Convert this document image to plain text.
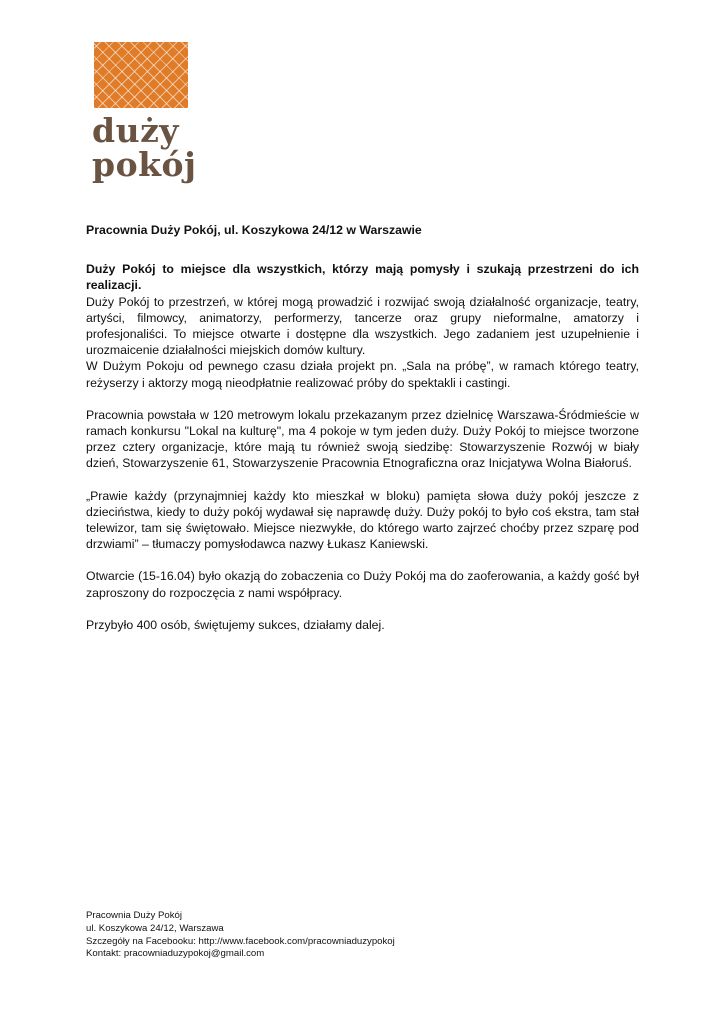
duży
pokój

Pracownia Duży Pokój, ul. Koszykowa 24/12 w Warszawie

Duży Pokój to miejsce dla wszystkich, którzy mają pomysły i szukają przestrzeni do ich realizacji.
Duży Pokój to przestrzeń, w której mogą prowadzić i rozwijać swoją działalność organizacje, teatry, artyści, filmowcy, animatorzy, performerzy, tancerze oraz grupy nieformalne, amatorzy i profesjonaliści. To miejsce otwarte i dostępne dla wszystkich. Jego zadaniem jest uzupełnienie i urozmaicenie działalności miejskich domów kultury.
W Dużym Pokoju od pewnego czasu działa projekt pn. „Sala na próbę”, w ramach którego teatry, reżyserzy i aktorzy mogą nieodpłatnie realizować próby do spektakli i castingi.

Pracownia powstała w 120 metrowym lokalu przekazanym przez dzielnicę Warszawa-Śródmieście w ramach konkursu "Lokal na kulturę", ma 4 pokoje w tym jeden duży. Duży Pokój to miejsce tworzone przez cztery organizacje, które mają tu również swoją siedzibę: Stowarzyszenie Rozwój w biały dzień, Stowarzyszenie 61, Stowarzyszenie Pracownia Etnograficzna oraz Inicjatywa Wolna Białoruś.

„Prawie każdy (przynajmniej każdy kto mieszkał w bloku) pamięta słowa duży pokój jeszcze z dzieciństwa, kiedy to duży pokój wydawał się naprawdę duży. Duży pokój to było coś ekstra, tam stał telewizor, tam się świętowało. Miejsce niezwykłe, do którego warto zajrzeć choćby przez szparę pod drzwiami” – tłumaczy pomysłodawca nazwy Łukasz Kaniewski.

Otwarcie (15-16.04) było okazją do zobaczenia co Duży Pokój ma do zaoferowania, a każdy gość był zaproszony do rozpoczęcia z nami współpracy.

Przybyło 400 osób, świętujemy sukces, działamy dalej.

Pracownia Duży Pokój
ul. Koszykowa 24/12, Warszawa
Szczegóły na Facebooku: http://www.facebook.com/pracowniaduzypokoj
Kontakt: pracowniaduzypokoj@gmail.com
